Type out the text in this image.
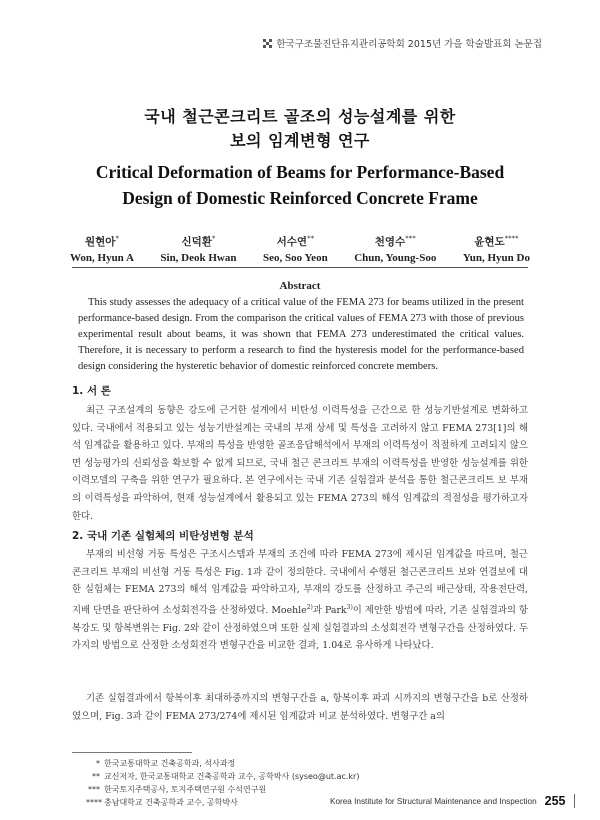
한국구조물진단유지관리공학회 2015년 가을 학술발표회 논문집
국내 철근콘크리트 골조의 성능설계를 위한
보의 임계변형 연구
Critical Deformation of Beams for Performance-Based
Design of Domestic Reinforced Concrete Frame
원현아*
Won, Hyun A
신덕환*
Sin, Deok Hwan
서수연**
Seo, Soo Yeon
천영수***
Chun, Young-Soo
윤현도****
Yun, Hyun Do
Abstract
This study assesses the adequacy of a critical value of the FEMA 273 for beams utilized in the present performance-based design. From the comparison the critical values of FEMA 273 with those of previous experimental result about beams, it was shown that FEMA 273 underestimated the critical values. Therefore, it is necessary to perform a research to find the hysteresis model for the performance-based design considering the hysteretic behavior of domestic reinforced concrete members.
1. 서 론
최근 구조설계의 동향은 강도에 근거한 설계에서 비탄성 이력특성을 근간으로 한 성능기반설계로 변화하고 있다. 국내에서 적용되고 있는 성능기반설계는 국내의 부재 상세 및 특성을 고려하지 않고 FEMA 273[1]의 해석 임계값을 활용하고 있다. 부재의 특성을 반영한 골조응답해석에서 부재의 이력특성이 적절하게 고려되지 않으면 성능평가의 신뢰성을 확보할 수 없게 되므로, 국내 철근 콘크리트 부재의 이력특성을 반영한 성능설계를 위한 이력모델의 구축을 위한 연구가 필요하다. 본 연구에서는 국내 기존 실험결과 분석을 통한 철근콘크리트 보 부재의 이력특성을 파악하여, 현재 성능설계에서 활용되고 있는 FEMA 273의 해석 임계값의 적절성을 평가하고자 한다.
2. 국내 기존 실험체의 비탄성변형 분석
부재의 비선형 거동 특성은 구조시스템과 부재의 조건에 따라 FEMA 273에 제시된 임계값을 따르며, 철근콘크리트 부재의 비선형 거동 특성은 Fig. 1과 같이 정의한다. 국내에서 수행된 철근콘크리트 보와 연결보에 대한 실험체는 FEMA 273의 해석 임계값을 파악하고자, 부재의 강도를 산정하고 주근의 배근상태, 작용전단력, 지배 단면을 판단하여 소성회전각을 산정하였다. Moehle$^{2)}$과 Park$^{3)}$이 제안한 방법에 따라, 기존 실험결과의 항복강도 및 항복변위는 Fig. 2와 같이 산정하였으며 또한 실제 실험결과의 소성회전각 변형구간을 산정하였다. 두 가지의 방법으로 산정한 소성회전각 변형구간을 비교한 결과, 1.04로 유사하게 나타났다.
기존 실험결과에서 항복이후 최대하중까지의 변형구간을 a, 항복이후 파괴 시까지의 변형구간을 b로 산정하였으며, Fig. 3과 같이 FEMA 273/274에 제시된 임계값과 비교 분석하였다. 변형구간 a의
* 한국교통대학교 건축공학과, 석사과정
** 교신저자, 한국교통대학교 건축공학과 교수, 공학박사 (syseo@ut.ac.kr)
*** 한국토지주택공사, 토지주택연구원 수석연구원
**** 충남대학교 건축공학과 교수, 공학박사	Korea Institute for Structural Maintenance and Inspection 255
